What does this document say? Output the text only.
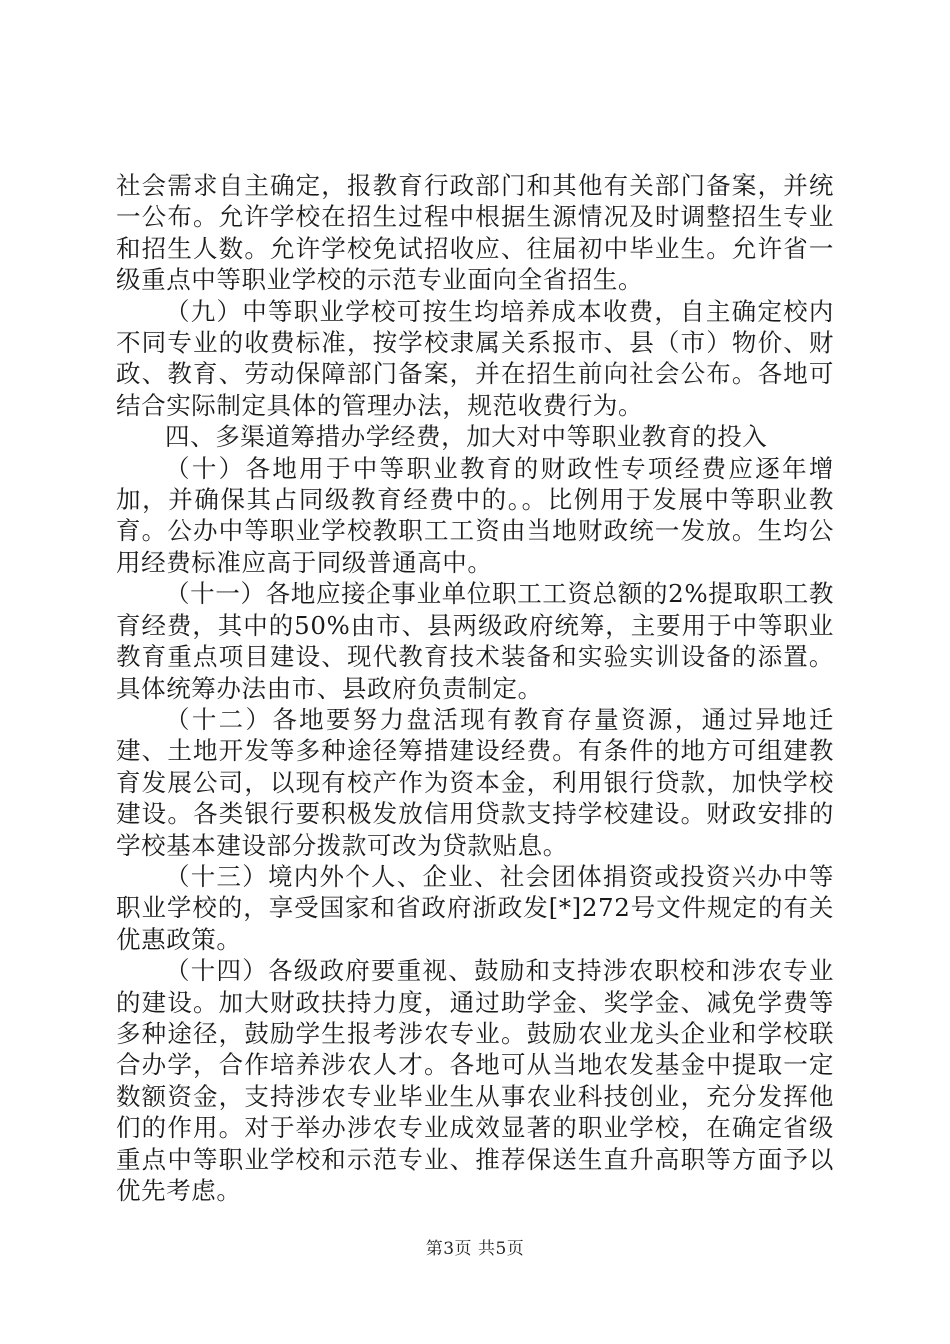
社会需求自主确定，报教育行政部门和其他有关部门备案，并统一公布。允许学校在招生过程中根据生源情况及时调整招生专业和招生人数。允许学校免试招收应、往届初中毕业生。允许省一级重点中等职业学校的示范专业面向全省招生。

（九）中等职业学校可按生均培养成本收费，自主确定校内不同专业的收费标准，按学校隶属关系报市、县（市）物价、财政、教育、劳动保障部门备案，并在招生前向社会公布。各地可结合实际制定具体的管理办法，规范收费行为。

四、多渠道筹措办学经费，加大对中等职业教育的投入

（十）各地用于中等职业教育的财政性专项经费应逐年增加，并确保其占同级教育经费中的。。比例用于发展中等职业教育。公办中等职业学校教职工工资由当地财政统一发放。生均公用经费标准应高于同级普通高中。

（十一）各地应接企事业单位职工工资总额的2%提取职工教育经费，其中的50%由市、县两级政府统筹，主要用于中等职业教育重点项目建设、现代教育技术装备和实验实训设备的添置。具体统筹办法由市、县政府负责制定。

（十二）各地要努力盘活现有教育存量资源，通过异地迁建、土地开发等多种途径筹措建设经费。有条件的地方可组建教育发展公司，以现有校产作为资本金，利用银行贷款，加快学校建设。各类银行要积极发放信用贷款支持学校建设。财政安排的学校基本建设部分拨款可改为贷款贴息。

（十三）境内外个人、企业、社会团体捐资或投资兴办中等职业学校的，享受国家和省政府浙政发[*]272号文件规定的有关优惠政策。

（十四）各级政府要重视、鼓励和支持涉农职校和涉农专业的建设。加大财政扶持力度，通过助学金、奖学金、减免学费等多种途径，鼓励学生报考涉农专业。鼓励农业龙头企业和学校联合办学，合作培养涉农人才。各地可从当地农发基金中提取一定数额资金，支持涉农专业毕业生从事农业科技创业，充分发挥他们的作用。对于举办涉农专业成效显著的职业学校，在确定省级重点中等职业学校和示范专业、推荐保送生直升高职等方面予以优先考虑。

第3页 共5页
